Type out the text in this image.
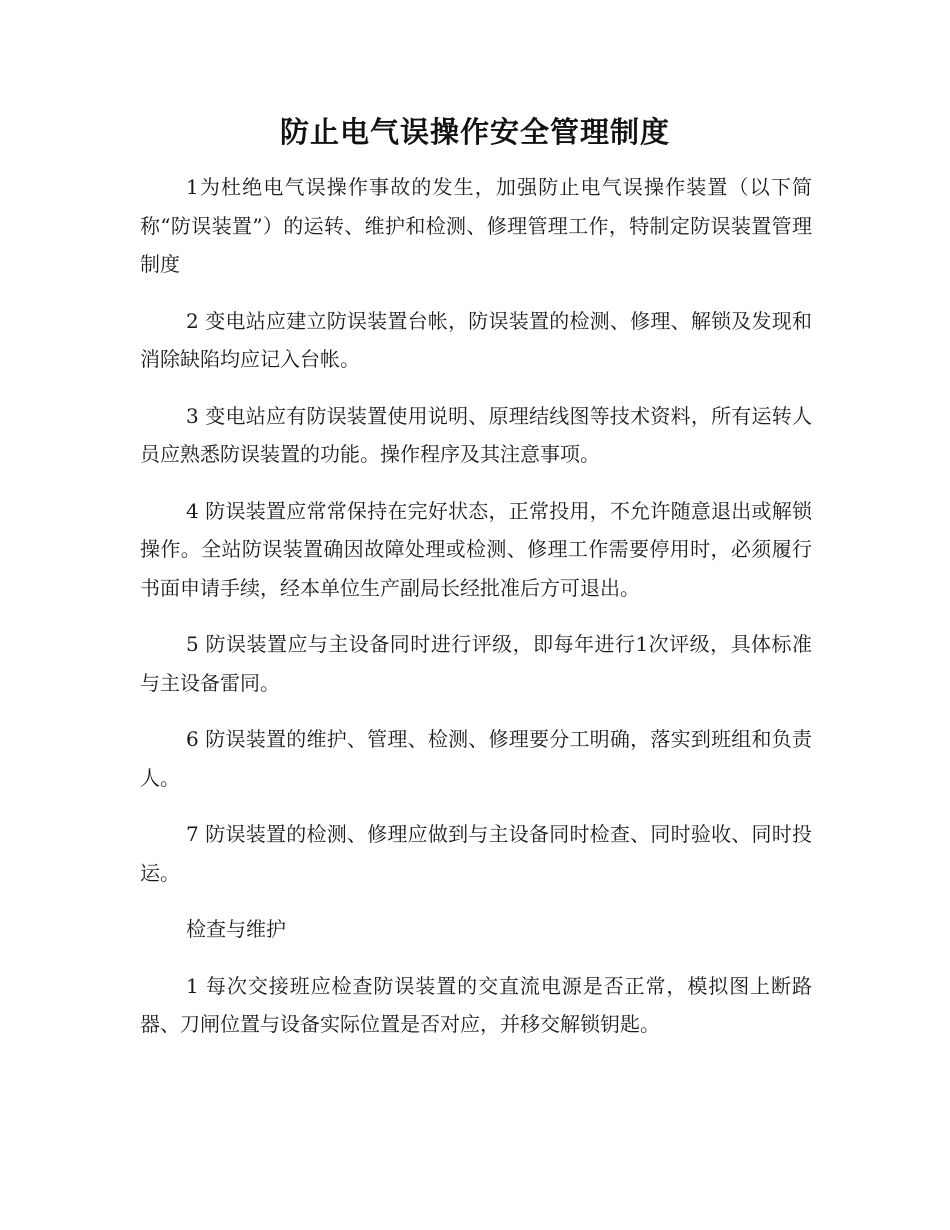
防止电气误操作安全管理制度

1为杜绝电气误操作事故的发生，加强防止电气误操作装置（以下简称“防误装置”）的运转、维护和检测、修理管理工作，特制定防误装置管理制度

2 变电站应建立防误装置台帐，防误装置的检测、修理、解锁及发现和消除缺陷均应记入台帐。

3 变电站应有防误装置使用说明、原理结线图等技术资料，所有运转人员应熟悉防误装置的功能。操作程序及其注意事项。

4 防误装置应常常保持在完好状态，正常投用，不允许随意退出或解锁操作。全站防误装置确因故障处理或检测、修理工作需要停用时，必须履行书面申请手续，经本单位生产副局长经批准后方可退出。

5 防误装置应与主设备同时进行评级，即每年进行1次评级，具体标准与主设备雷同。

6 防误装置的维护、管理、检测、修理要分工明确，落实到班组和负责人。

7 防误装置的检测、修理应做到与主设备同时检查、同时验收、同时投运。

检查与维护

1 每次交接班应检查防误装置的交直流电源是否正常，模拟图上断路器、刀闸位置与设备实际位置是否对应，并移交解锁钥匙。
